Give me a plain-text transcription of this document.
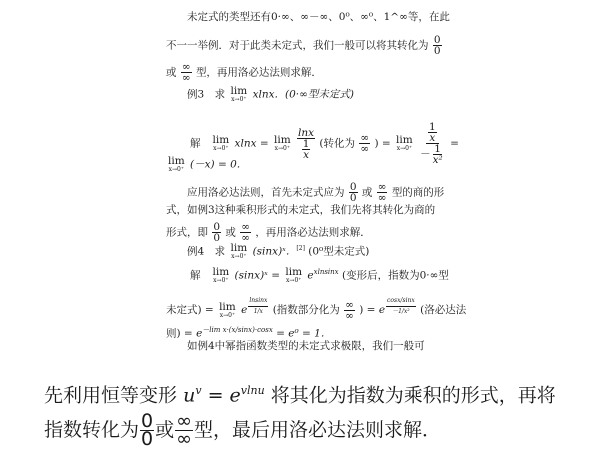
未定式的类型还有0·∞、∞－∞、0⁰、∞⁰、1^∞等，在此
不一一举例．对于此类未定式，我们一般可以将其转化为 $\frac{0}{0}$
或 $\frac{\infty}{\infty}$ 型，再用洛必达法则求解．
例3　求 lim
x→0⁺ xlnx．(0·∞型未定式)
解 lim
x→0⁺ xlnx = lim
x→0⁺
$\frac{\ln x}{\frac{1}{x}}$ (转化为 $\frac{\infty}{\infty}$ ) = lim
x→0⁺
$\frac{\frac{1}{x}}{- \frac{1}{\text{x²}}}$ =
lim
x→0⁺ (－x) = 0．
应用洛必达法则，首先未定式应为 $\frac{0}{0}$ 或 $\frac{\infty}{\infty}$ 型的商的形
式，如例3这种乘积形式的未定式，我们先将其转化为商的
形式，即 $\frac{0}{0}$ 或 $\frac{\infty}{\infty}$ ，再用洛必达法则求解．
例4　求 lim
x→0⁺ (sinx)ˣ．[2] (0⁰型未定式)
解 lim
x→0⁺ (sinx)ˣ = lim
x→0⁺ $e^{xlnsinx}$ (变形后，指数为0·∞型
未定式) = lim
x→0⁺ e $^{\frac{lnsinx}{1/x}}$ (指数部分化为 $\frac{\infty}{\infty}$ ) = e $^{\frac{\cos x/\sin x}{\text{－1/x²}}}$ (洛必达法
则) = $e^{-lim x\cdot(x/sinx)\cdot cosx} = e^0 = 1$．
如例4中幂指函数类型的未定式求极限，我们一般可
先利用恒等变形 $u^v = e^{vlnu}$ 将其化为指数为乘积的形式，再将
指数转化为 $\frac{0}{0}$ 或 $\frac{\infty}{\infty}$ 型，最后用洛必达法则求解．
